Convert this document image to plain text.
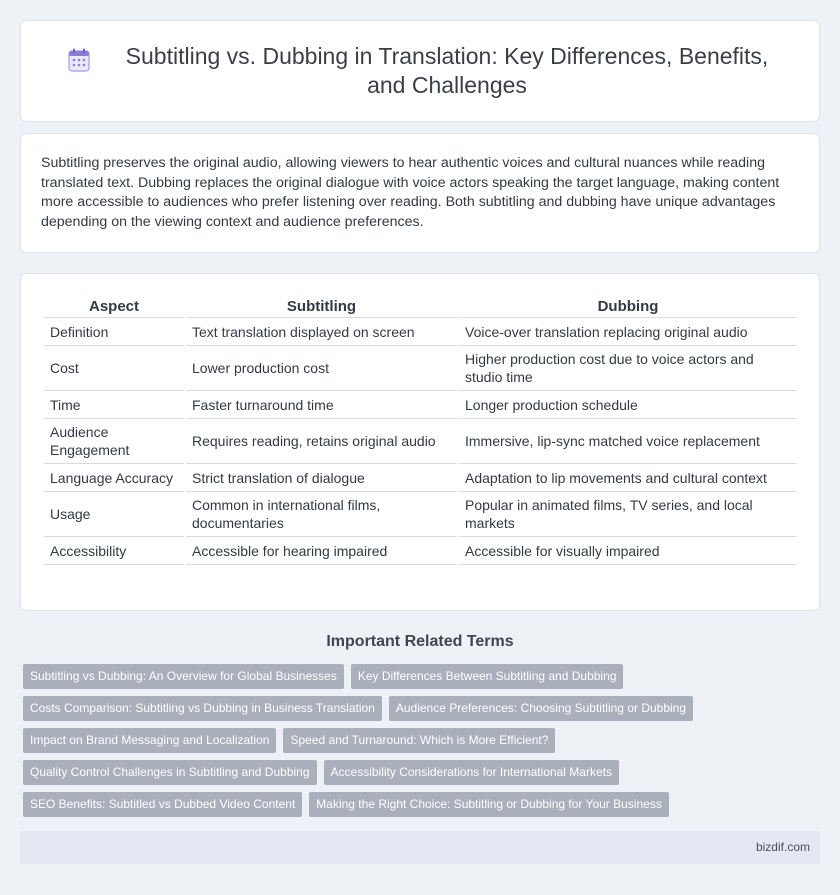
Subtitling vs. Dubbing in Translation: Key Differences, Benefits, and Challenges

Subtitling preserves the original audio, allowing viewers to hear authentic voices and cultural nuances while reading translated text. Dubbing replaces the original dialogue with voice actors speaking the target language, making content more accessible to audiences who prefer listening over reading. Both subtitling and dubbing have unique advantages depending on the viewing context and audience preferences.

Aspect	Subtitling	Dubbing
Definition	Text translation displayed on screen	Voice-over translation replacing original audio
Cost	Lower production cost	Higher production cost due to voice actors and studio time
Time	Faster turnaround time	Longer production schedule
Audience Engagement	Requires reading, retains original audio	Immersive, lip-sync matched voice replacement
Language Accuracy	Strict translation of dialogue	Adaptation to lip movements and cultural context
Usage	Common in international films, documentaries	Popular in animated films, TV series, and local markets
Accessibility	Accessible for hearing impaired	Accessible for visually impaired
Important Related Terms
Subtitling vs Dubbing: An Overview for Global Businesses	Key Differences Between Subtitling and Dubbing
Costs Comparison: Subtitling vs Dubbing in Business Translation	Audience Preferences: Choosing Subtitling or Dubbing
Impact on Brand Messaging and Localization	Speed and Turnaround: Which is More Efficient?
Quality Control Challenges in Subtitling and Dubbing	Accessibility Considerations for International Markets
SEO Benefits: Subtitled vs Dubbed Video Content	Making the Right Choice: Subtitling or Dubbing for Your Business
bizdif.com
